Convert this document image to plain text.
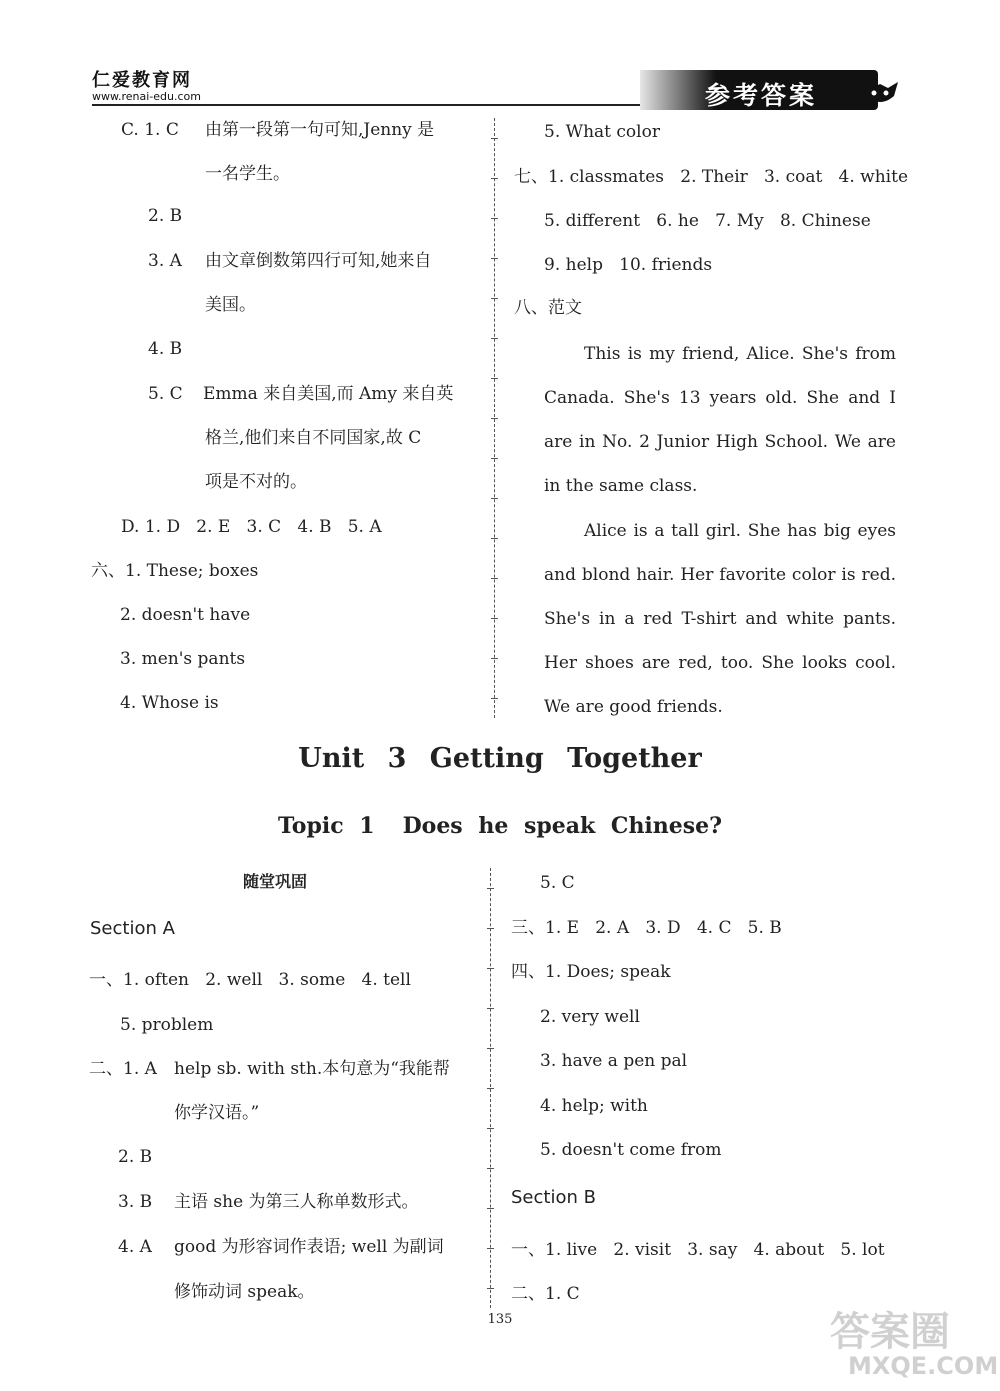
仁爱教育网
www.renai-edu.com	参考答案
C. 1. C 由第一段第一句可知,Jenny 是
一名学生。
2. B
3. A 由文章倒数第四行可知,她来自
美国。
4. B
5. C Emma 来自美国,而 Amy 来自英
格兰,他们来自不同国家,故 C
项是不对的。
D. 1. D   2. E   3. C   4. B   5. A
六、1. These; boxes
2. doesn't have
3. men's pants
4. Whose is
5. What color
七、1. classmates   2. Their   3. coat   4. white
5. different   6. he   7. My   8. Chinese
9. help   10. friends
八、范文
This is my friend, Alice. She's from Canada. She's 13 years old. She and I are in No. 2 Junior High School. We are in the same class.
Alice is a tall girl. She has big eyes and blond hair. Her favorite color is red. She's in a red T-shirt and white pants. Her shoes are red, too. She looks cool. We are good friends.
Unit 3 Getting Together
Topic 1 Does he speak Chinese?
随堂巩固
Section A
一、1. often   2. well   3. some   4. tell
5. problem
二、1. A help sb. with sth.本句意为“我能帮
你学汉语。”
2. B
3. B 主语 she 为第三人称单数形式。
4. A good 为形容词作表语; well 为副词
修饰动词 speak。
5. C
三、1. E   2. A   3. D   4. C   5. B
四、1. Does; speak
2. very well
3. have a pen pal
4. help; with
5. doesn't come from
Section B
一、1. live   2. visit   3. say   4. about   5. lot
二、1. C
135	答案圈
MXQE.COM
